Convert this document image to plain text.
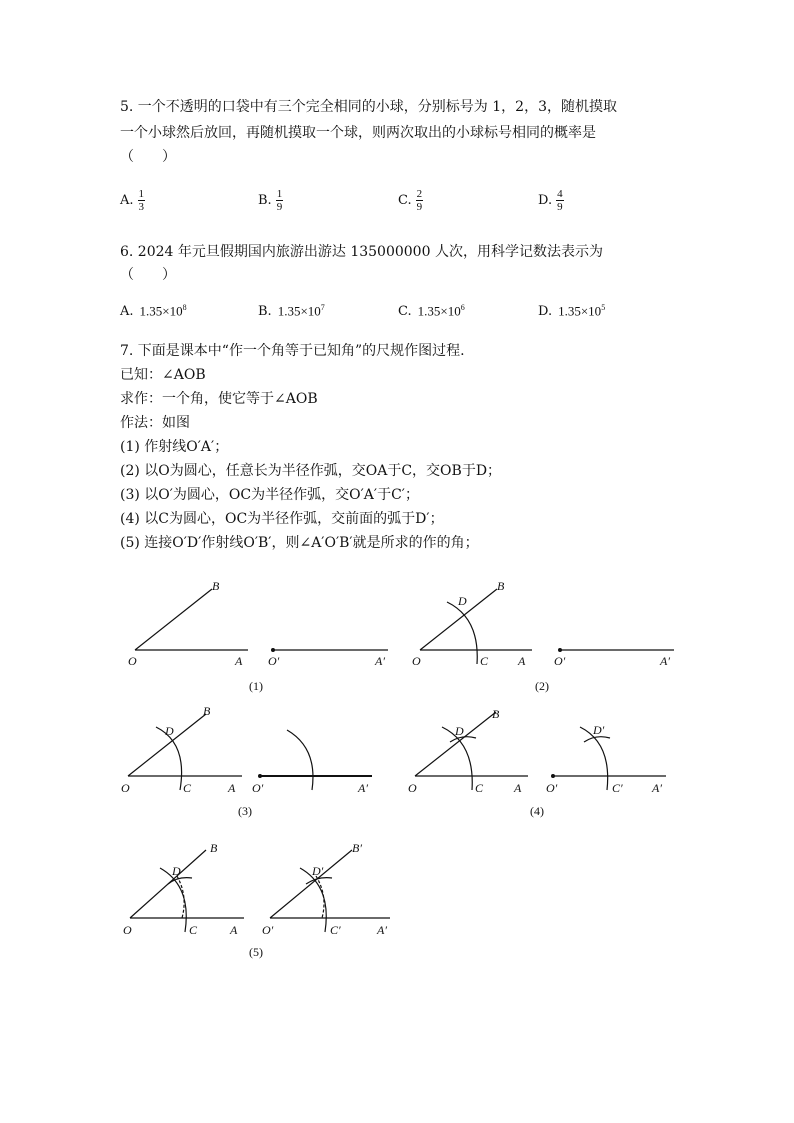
5. 一个不透明的口袋中有三个完全相同的小球，分别标号为 1，2，3，随机摸取
一个小球然后放回，再随机摸取一个球，则两次取出的小球标号相同的概率是
（　　）
A. $\frac{1}{3}$	B. $\frac{1}{9}$	C. $\frac{2}{9}$	D. $\frac{4}{9}$
6. 2024 年元旦假期国内旅游出游达 135000000 人次，用科学记数法表示为
（　　）
A. $1.35\times 10^8$	B. $1.35\times 10^7$	C. $1.35\times 10^6$	D. $1.35\times 10^5$
7. 下面是课本中“作一个角等于已知角”的尺规作图过程.
已知：∠AOB
求作：一个角，使它等于∠AOB
作法：如图
(1) 作射线O′A′；
(2) 以O为圆心，任意长为半径作弧，交OA于C，交OB于D；
(3) 以O′为圆心，OC为半径作弧，交O′A′于C′；
(4) 以C为圆心，OC为半径作弧，交前面的弧于D′；
(5) 连接O′D′作射线O′B′，则∠A′O′B′就是所求的作的角；
O	A
B
O′	A′
(1)
O	A
B
D
C	O′	A′
(2)
O	A
B
D
C	O′	A′
(3)
O	A
B
D
C	O′	A′
D′
C′
(4)
O	A
B
D
C	O′	A′
B′
D′
C′
(5)
